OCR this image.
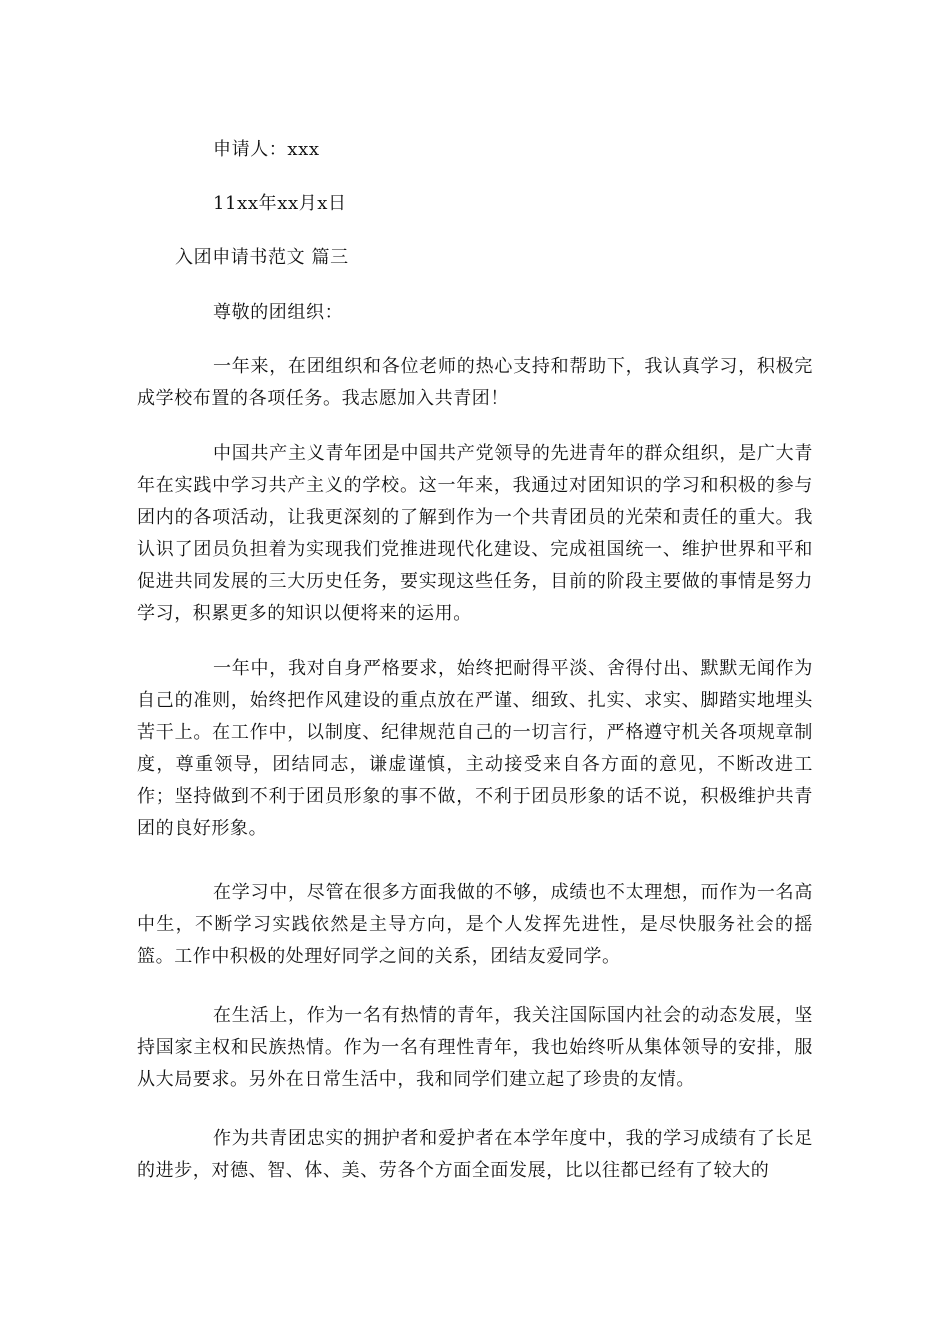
申请人：xxx
11xx年xx月x日
入团申请书范文 篇三
尊敬的团组织：
一年来，在团组织和各位老师的热心支持和帮助下，我认真学习，积极完成学校布置的各项任务。我志愿加入共青团！
中国共产主义青年团是中国共产党领导的先进青年的群众组织，是广大青年在实践中学习共产主义的学校。这一年来，我通过对团知识的学习和积极的参与团内的各项活动，让我更深刻的了解到作为一个共青团员的光荣和责任的重大。我认识了团员负担着为实现我们党推进现代化建设、完成祖国统一、维护世界和平和促进共同发展的三大历史任务，要实现这些任务，目前的阶段主要做的事情是努力学习，积累更多的知识以便将来的运用。
一年中，我对自身严格要求，始终把耐得平淡、舍得付出、默默无闻作为自己的准则，始终把作风建设的重点放在严谨、细致、扎实、求实、脚踏实地埋头苦干上。在工作中，以制度、纪律规范自己的一切言行，严格遵守机关各项规章制度，尊重领导，团结同志，谦虚谨慎，主动接受来自各方面的意见，不断改进工作；坚持做到不利于团员形象的事不做，不利于团员形象的话不说，积极维护共青团的良好形象。
在学习中，尽管在很多方面我做的不够，成绩也不太理想，而作为一名高中生，不断学习实践依然是主导方向，是个人发挥先进性，是尽快服务社会的摇篮。工作中积极的处理好同学之间的关系，团结友爱同学。
在生活上，作为一名有热情的青年，我关注国际国内社会的动态发展，坚持国家主权和民族热情。作为一名有理性青年，我也始终听从集体领导的安排，服从大局要求。另外在日常生活中，我和同学们建立起了珍贵的友情。
作为共青团忠实的拥护者和爱护者在本学年度中，我的学习成绩有了长足的进步，对德、智、体、美、劳各个方面全面发展，比以往都已经有了较大的
